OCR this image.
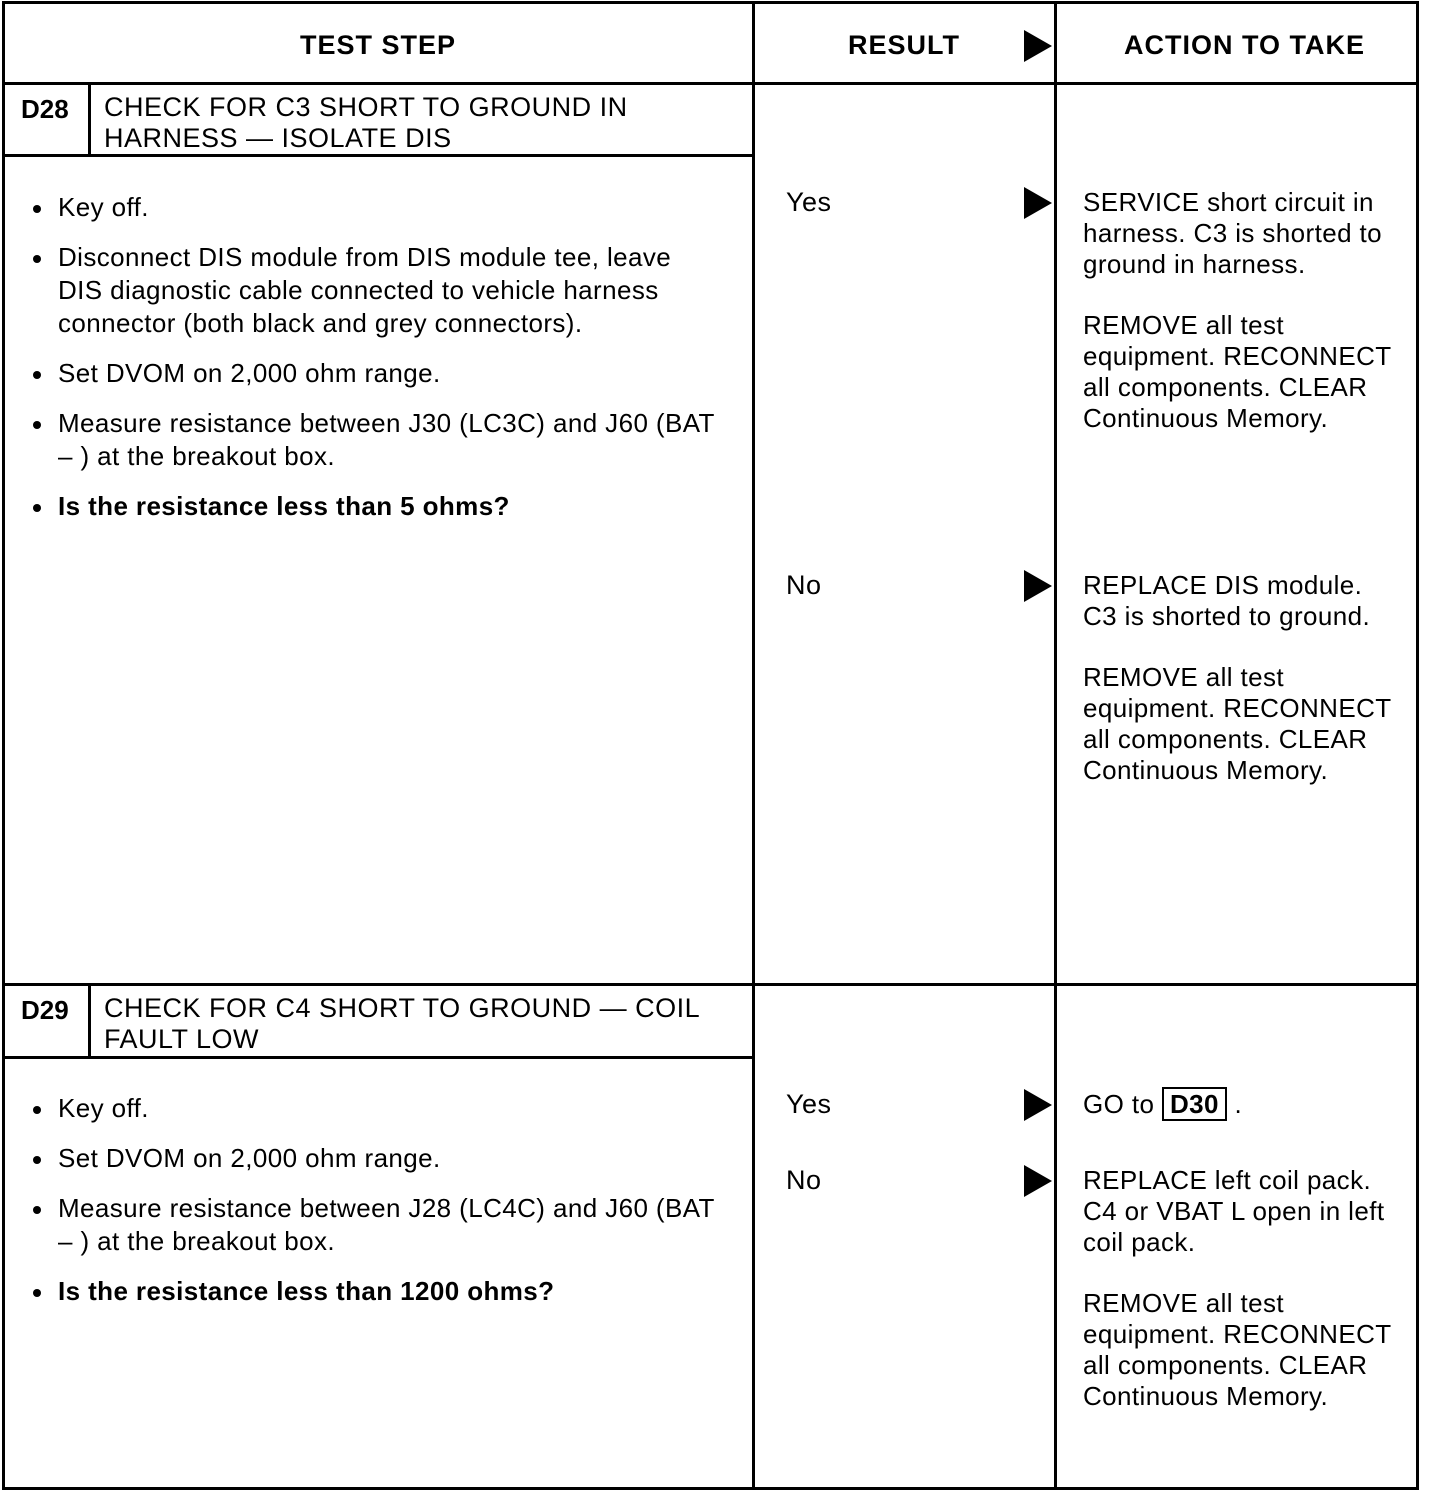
TEST STEP	RESULT	ACTION TO TAKE
D28 CHECK FOR C3 SHORT TO GROUND IN HARNESS — ISOLATE DIS
Key off.
Disconnect DIS module from DIS module tee, leave DIS diagnostic cable connected to vehicle harness connector (both black and grey connectors).
Set DVOM on 2,000 ohm range.
Measure resistance between J30 (LC3C) and J60 (BAT – ) at the breakout box.
Is the resistance less than 5 ohms?
Yes	SERVICE short circuit in harness. C3 is shorted to ground in harness.

REMOVE all test equipment. RECONNECT all components. CLEAR Continuous Memory.

No	REPLACE DIS module. C3 is shorted to ground.

REMOVE all test equipment. RECONNECT all components. CLEAR Continuous Memory.

D29 CHECK FOR C4 SHORT TO GROUND — COIL FAULT LOW
Key off.
Set DVOM on 2,000 ohm range.
Measure resistance between J28 (LC4C) and J60 (BAT – ) at the breakout box.
Is the resistance less than 1200 ohms?
Yes	GO to D30 .
No	REPLACE left coil pack. C4 or VBAT L open in left coil pack.

REMOVE all test equipment. RECONNECT all components. CLEAR Continuous Memory.
